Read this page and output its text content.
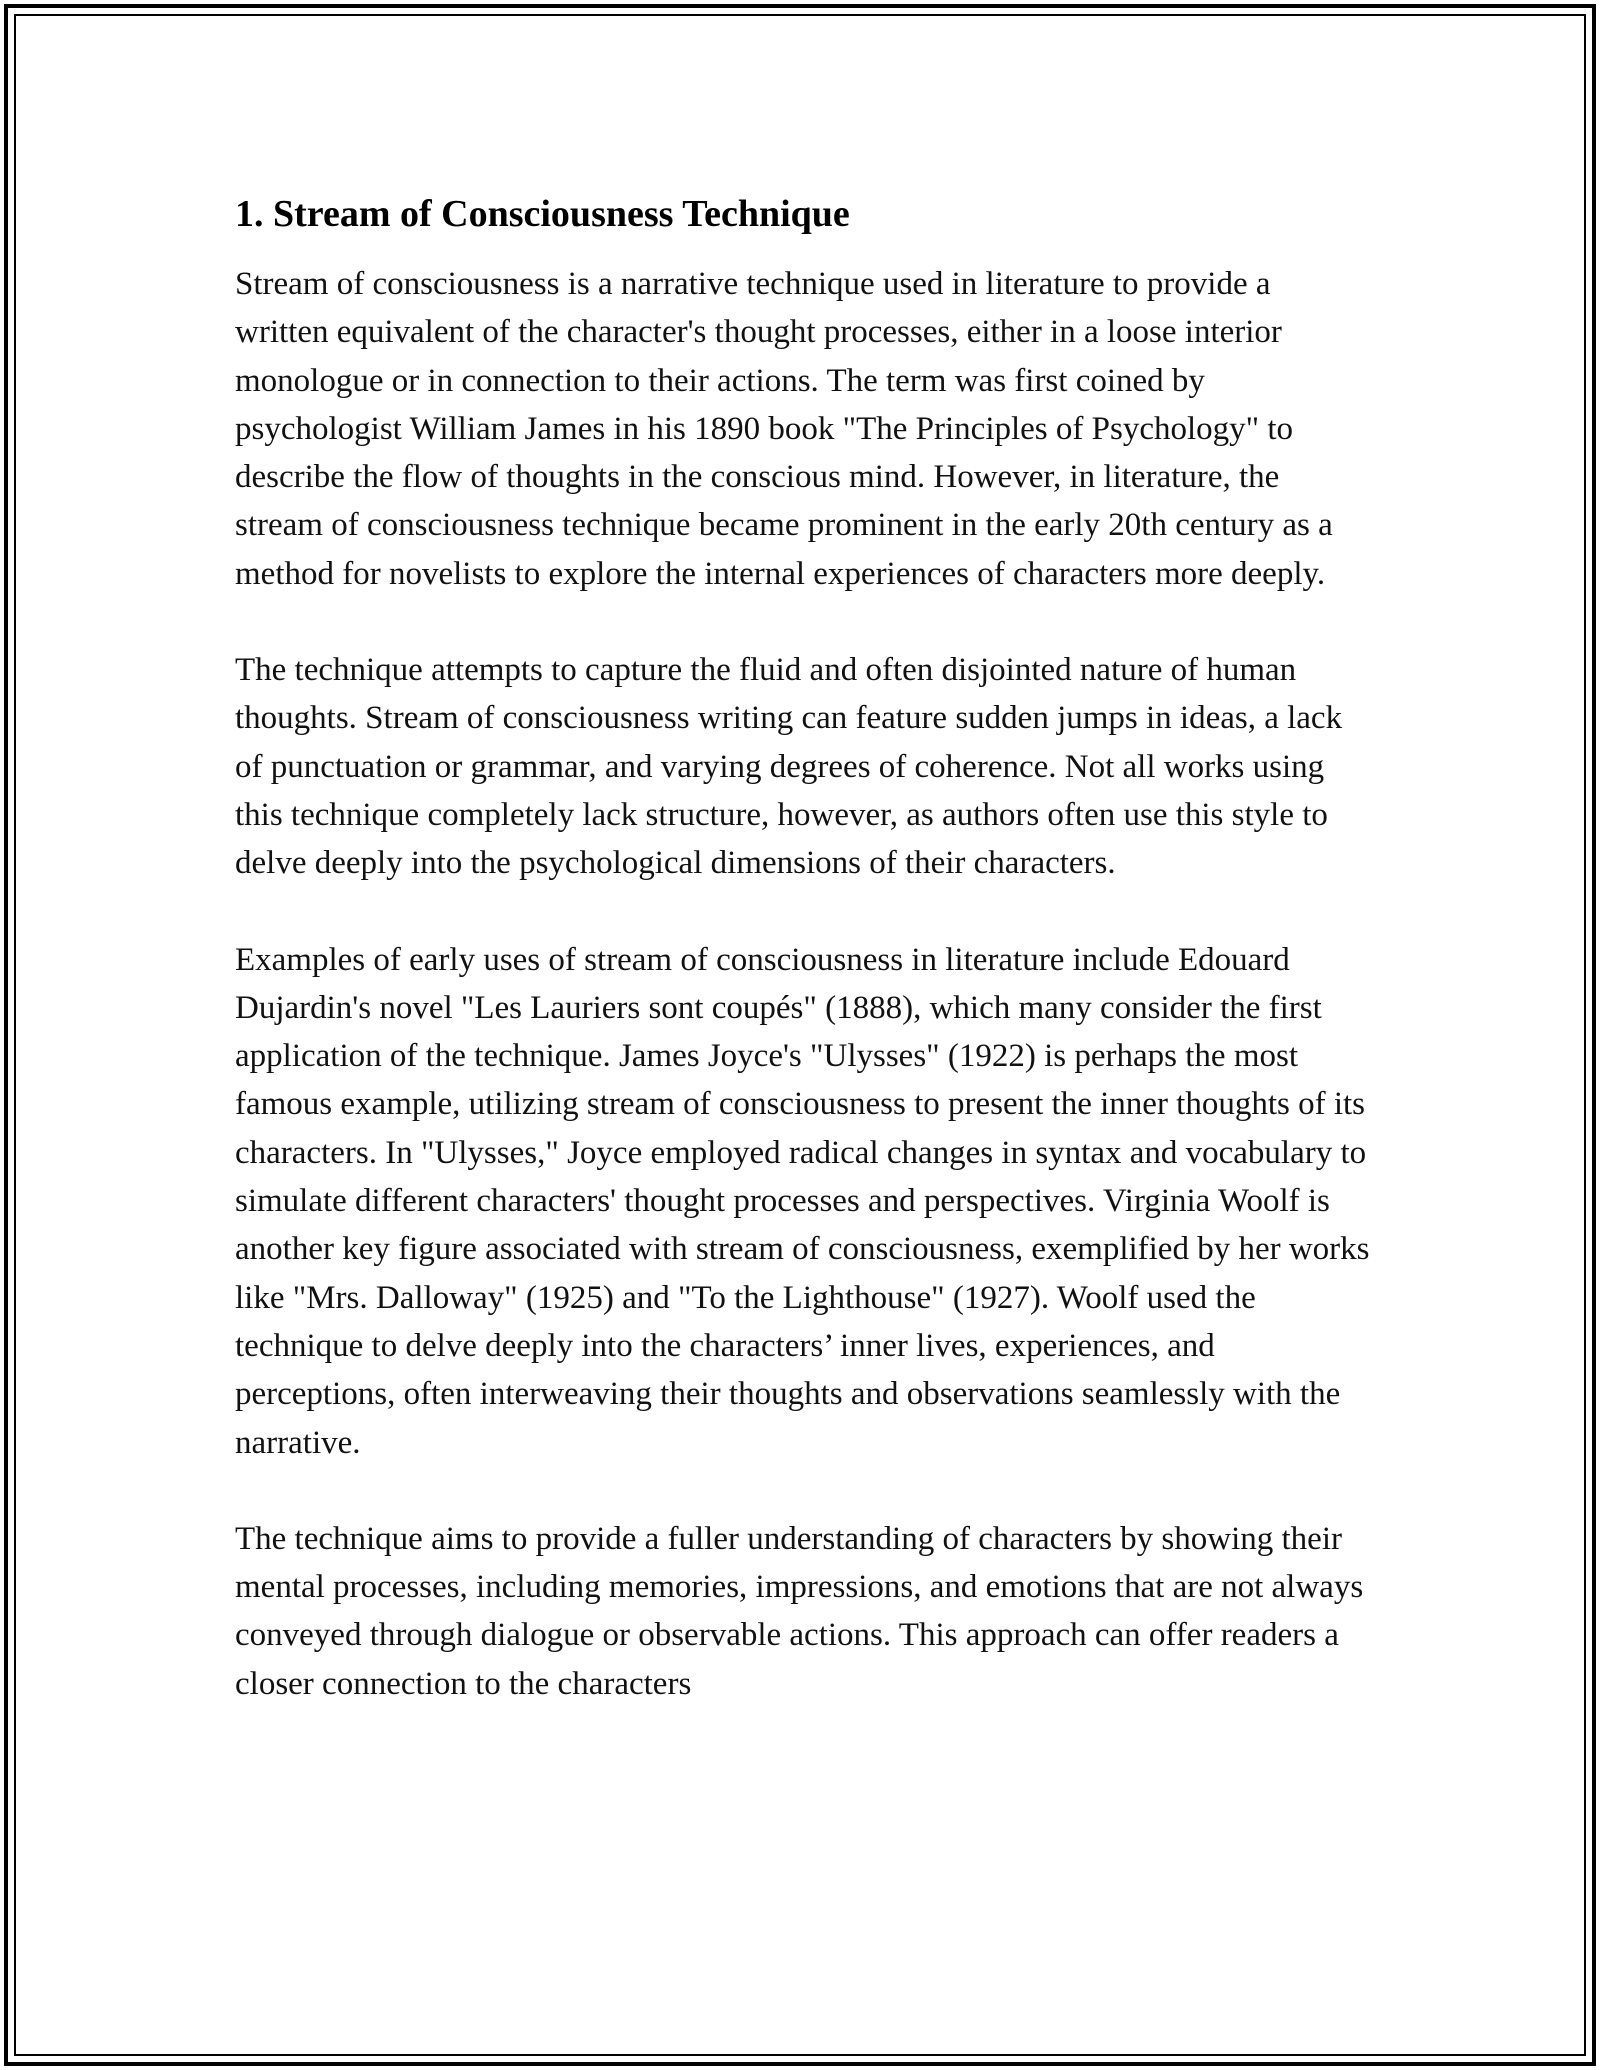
1. Stream of Consciousness Technique

Stream of consciousness is a narrative technique used in literature to provide a written equivalent of the character's thought processes, either in a loose interior monologue or in connection to their actions. The term was first coined by psychologist William James in his 1890 book "The Principles of Psychology" to describe the flow of thoughts in the conscious mind. However, in literature, the stream of consciousness technique became prominent in the early 20th century as a method for novelists to explore the internal experiences of characters more deeply.

The technique attempts to capture the fluid and often disjointed nature of human thoughts. Stream of consciousness writing can feature sudden jumps in ideas, a lack of punctuation or grammar, and varying degrees of coherence. Not all works using this technique completely lack structure, however, as authors often use this style to delve deeply into the psychological dimensions of their characters.

Examples of early uses of stream of consciousness in literature include Edouard Dujardin's novel "Les Lauriers sont coupés" (1888), which many consider the first application of the technique. James Joyce's "Ulysses" (1922) is perhaps the most famous example, utilizing stream of consciousness to present the inner thoughts of its characters. In "Ulysses," Joyce employed radical changes in syntax and vocabulary to simulate different characters' thought processes and perspectives. Virginia Woolf is another key figure associated with stream of consciousness, exemplified by her works like "Mrs. Dalloway" (1925) and "To the Lighthouse" (1927). Woolf used the technique to delve deeply into the characters’ inner lives, experiences, and perceptions, often interweaving their thoughts and observations seamlessly with the narrative.

The technique aims to provide a fuller understanding of characters by showing their mental processes, including memories, impressions, and emotions that are not always conveyed through dialogue or observable actions. This approach can offer readers a closer connection to the characters
